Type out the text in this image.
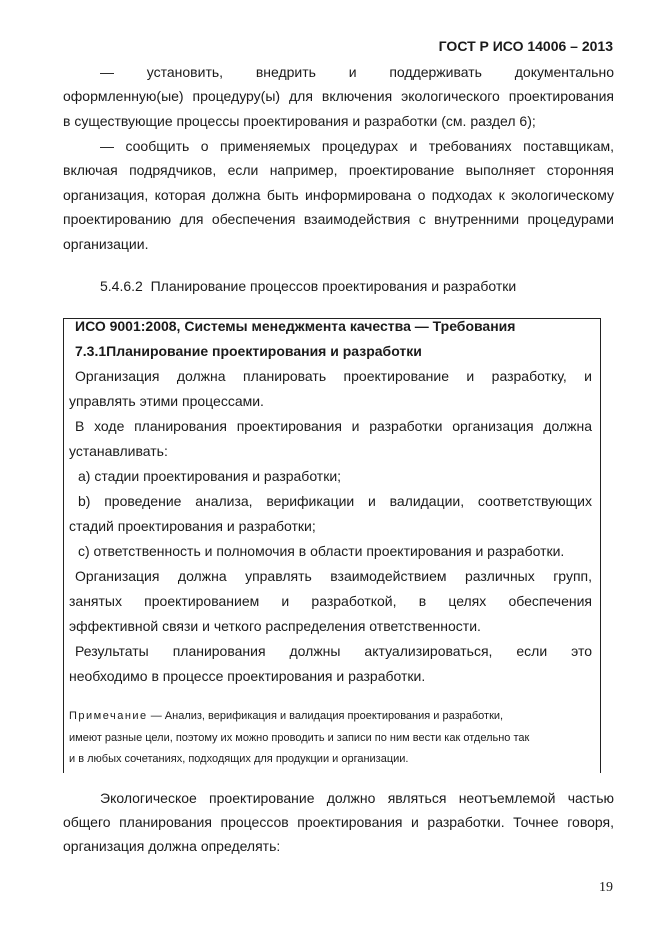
ГОСТ Р ИСО 14006 – 2013
— установить, внедрить и поддерживать документально
оформленную(ые) процедуру(ы) для включения экологического проектирования
в существующие процессы проектирования и разработки (см. раздел 6);
— сообщить о применяемых процедурах и требованиях поставщикам,
включая подрядчиков, если например, проектирование выполняет сторонняя
организация, которая должна быть информирована о подходах к экологическому
проектированию для обеспечения взаимодействия с внутренними процедурами
организации.
5.4.6.2 Планирование процессов проектирования и разработки
ИСО 9001:2008, Системы менеджмента качества — Требования
7.3.1Планирование проектирования и разработки
Организация должна планировать проектирование и разработку, и
управлять этими процессами.
В ходе планирования проектирования и разработки организация должна
устанавливать:
a) стадии проектирования и разработки;
b) проведение анализа, верификации и валидации, соответствующих
стадий проектирования и разработки;
c) ответственность и полномочия в области проектирования и разработки.
Организация должна управлять взаимодействием различных групп,
занятых проектированием и разработкой, в целях обеспечения
эффективной связи и четкого распределения ответственности.
Результаты планирования должны актуализироваться, если это
необходимо в процессе проектирования и разработки.
Примечание — Анализ, верификация и валидация проектирования и разработки,
имеют разные цели, поэтому их можно проводить и записи по ним вести как отдельно так
и в любых сочетаниях, подходящих для продукции и организации.
Экологическое проектирование должно являться неотъемлемой частью
общего планирования процессов проектирования и разработки. Точнее говоря,
организация должна определять:
19
